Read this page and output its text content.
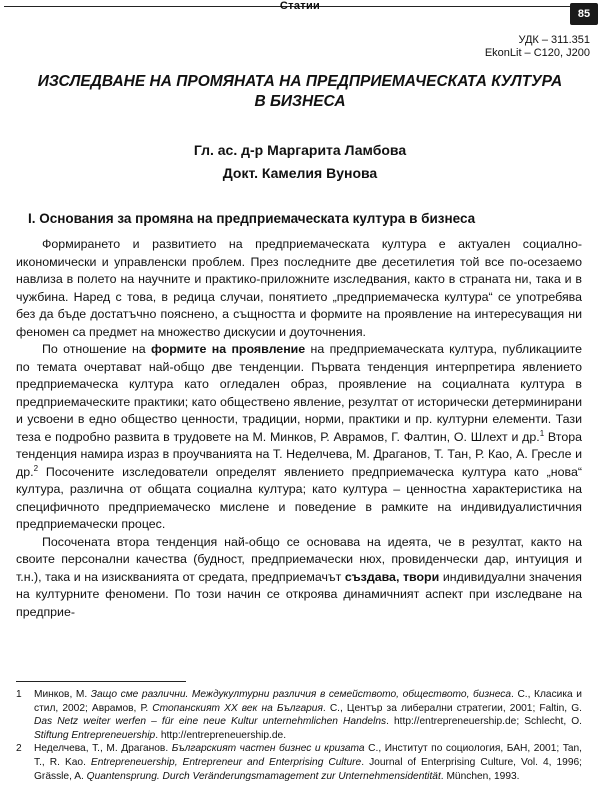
Статии
85
УДК – 311.351
EkonLit – C120, J200
ИЗСЛЕДВАНЕ НА ПРОМЯНАТА НА ПРЕДПРИЕМАЧЕСКАТА КУЛТУРА
В БИЗНЕСА
Гл. ас. д-р Маргарита Ламбова
Докт. Камелия Вунова
I. Основания за промяна на предприемаческата култура в бизнеса

Формирането и развитието на предприемаческата култура е актуален социално-икономически и управленски проблем. През последните две десетилетия той все по-осезаемо навлиза в полето на научните и практико-приложните изследвания, както в страната ни, така и в чужбина. Наред с това, в редица случаи, понятието „предприемаческа култура“ се употребява без да бъде достатъчно пояснено, а същността и формите на проявление на интересуващия ни феномен са предмет на множество дискусии и доуточнения.

По отношение на формите на проявление на предприемаческата култура, публикациите по темата очертават най-общо две тенденции. Първата тенденция интерпретира явлението предприемаческа култура като огледален образ, проявление на социалната култура в предприемаческите практики; като обществено явление, резултат от исторически детерминирани и усвоени в едно общество ценности, традиции, норми, практики и пр. културни елементи. Тази теза е подробно развита в трудовете на М. Минков, Р. Аврамов, Г. Фалтин, О. Шлехт и др.$^1$ Втора тенденция намира израз в проучванията на Т. Неделчева, М. Драганов, Т. Тан, Р. Као, А. Гресле и др.$^2$ Посочените изследователи определят явлението предприемаческа култура като „нова“ култура, различна от общата социална култура; като култура – ценностна характеристика на специфичното предприемаческо мислене и поведение в рамките на индивидуалистичния предприемачески процес.

Посочената втора тенденция най-общо се основава на идеята, че в резултат, както на своите персонални качества (будност, предприемачески нюх, провиденчески дар, интуиция и т.н.), така и на изискванията от средата, предприемачът създава, твори индивидуални значения на културните феномени. По този начин се откроява динамичният аспект при изследване на предприе-

1 Минков, М. Защо сме различни. Междукултурни различия в семейството, обществото, бизнеса. С., Класика и стил, 2002; Аврамов, Р. Стопанският XX век на България. С., Център за либерални стратегии, 2001; Faltin, G. Das Netz weiter werfen – für eine neue Kultur unternehmlichen Handelns. http://entrepreneuership.de; Schlecht, O. Stiftung Entrepreneuership. http://entrepreneuership.de.
2 Неделчева, Т., М. Драганов. Българският частен бизнес и кризата С., Институт по социология, БАН, 2001; Tan, T., R. Kao. Entrepreneuership, Entrepreneur and Enterprising Culture. Journal of Enterprising Culture, Vol. 4, 1996; Grässle, A. Quantensprung. Durch Veränderungsmamagement zur Unternehmensidentität. München, 1993.
